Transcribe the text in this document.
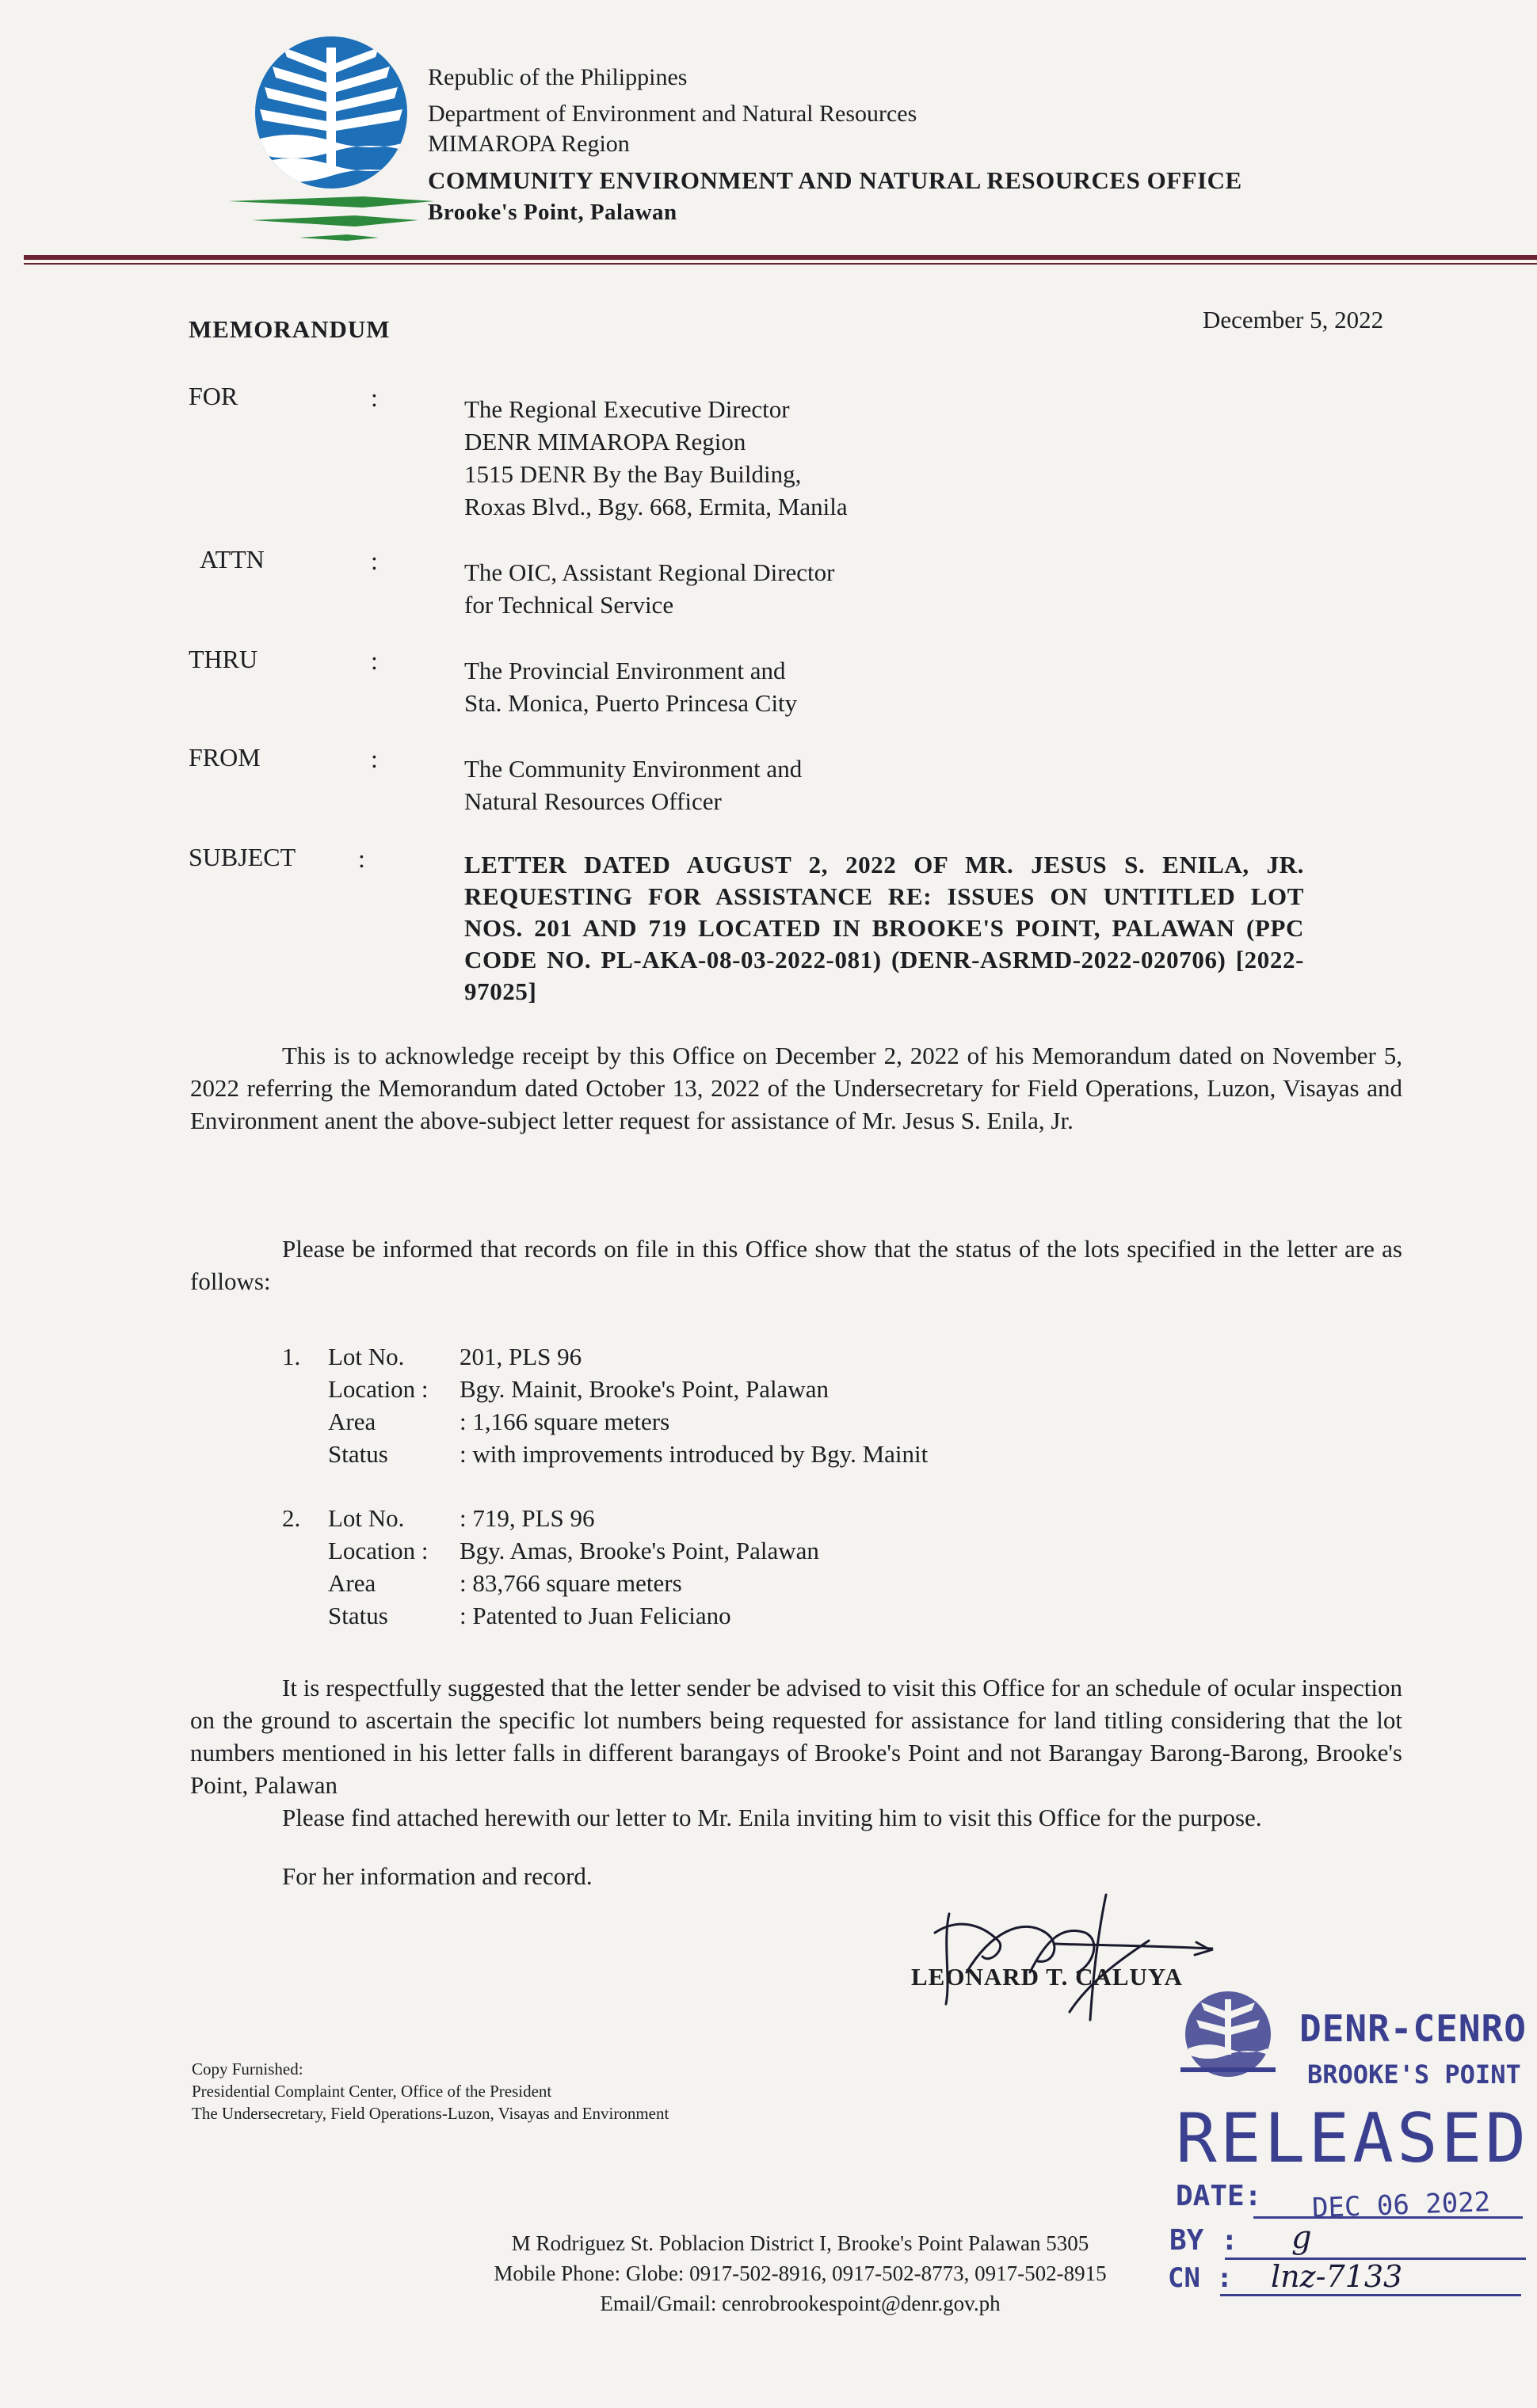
Republic of the Philippines
Department of Environment and Natural Resources
MIMAROPA Region
COMMUNITY ENVIRONMENT AND NATURAL RESOURCES OFFICE
Brooke's Point, Palawan
MEMORANDUM	December 5, 2022
FOR	:	The Regional Executive Director
DENR MIMAROPA Region
1515 DENR By the Bay Building,
Roxas Blvd., Bgy. 668, Ermita, Manila
ATTN	:	The OIC, Assistant Regional Director
for Technical Service
THRU	:	The Provincial Environment and
Sta. Monica, Puerto Princesa City
FROM	:	The Community Environment and
Natural Resources Officer
SUBJECT :	LETTER DATED AUGUST 2, 2022 OF MR. JESUS S. ENILA, JR. REQUESTING FOR ASSISTANCE RE: ISSUES ON UNTITLED LOT NOS. 201 AND 719 LOCATED IN BROOKE'S POINT, PALAWAN (PPC CODE NO. PL-AKA-08-03-2022-081) (DENR-ASRMD-2022-020706) [2022-97025]
This is to acknowledge receipt by this Office on December 2, 2022 of his Memorandum dated on November 5, 2022 referring the Memorandum dated October 13, 2022 of the Undersecretary for Field Operations, Luzon, Visayas and Environment anent the above-subject letter request for assistance of Mr. Jesus S. Enila, Jr.
Please be informed that records on file in this Office show that the status of the lots specified in the letter are as follows:
1. Lot No. 201, PLS 96
Location : Bgy. Mainit, Brooke's Point, Palawan
Area	: 1,166 square meters
Status	: with improvements introduced by Bgy. Mainit
2. Lot No. : 719, PLS 96
Location : Bgy. Amas, Brooke's Point, Palawan
Area	: 83,766 square meters
Status	: Patented to Juan Feliciano
It is respectfully suggested that the letter sender be advised to visit this Office for an schedule of ocular inspection on the ground to ascertain the specific lot numbers being requested for assistance for land titling considering that the lot numbers mentioned in his letter falls in different barangays of Brooke's Point and not Barangay Barong-Barong, Brooke's Point, Palawan
Please find attached herewith our letter to Mr. Enila inviting him to visit this Office for the purpose.
For her information and record.
LEONARD T. CALUYA
Copy Furnished:
Presidential Complaint Center, Office of the President
The Undersecretary, Field Operations-Luzon, Visayas and Environment
M Rodriguez St. Poblacion District I, Brooke's Point Palawan 5305
Mobile Phone: Globe: 0917-502-8916, 0917-502-8773, 0917-502-8915
Email/Gmail: cenrobrookespoint@denr.gov.ph
DENR-CENRO
BROOKE'S POINT
RELEASED
DATE: DEC 06 2022
BY : g
CN : lnz-7133
